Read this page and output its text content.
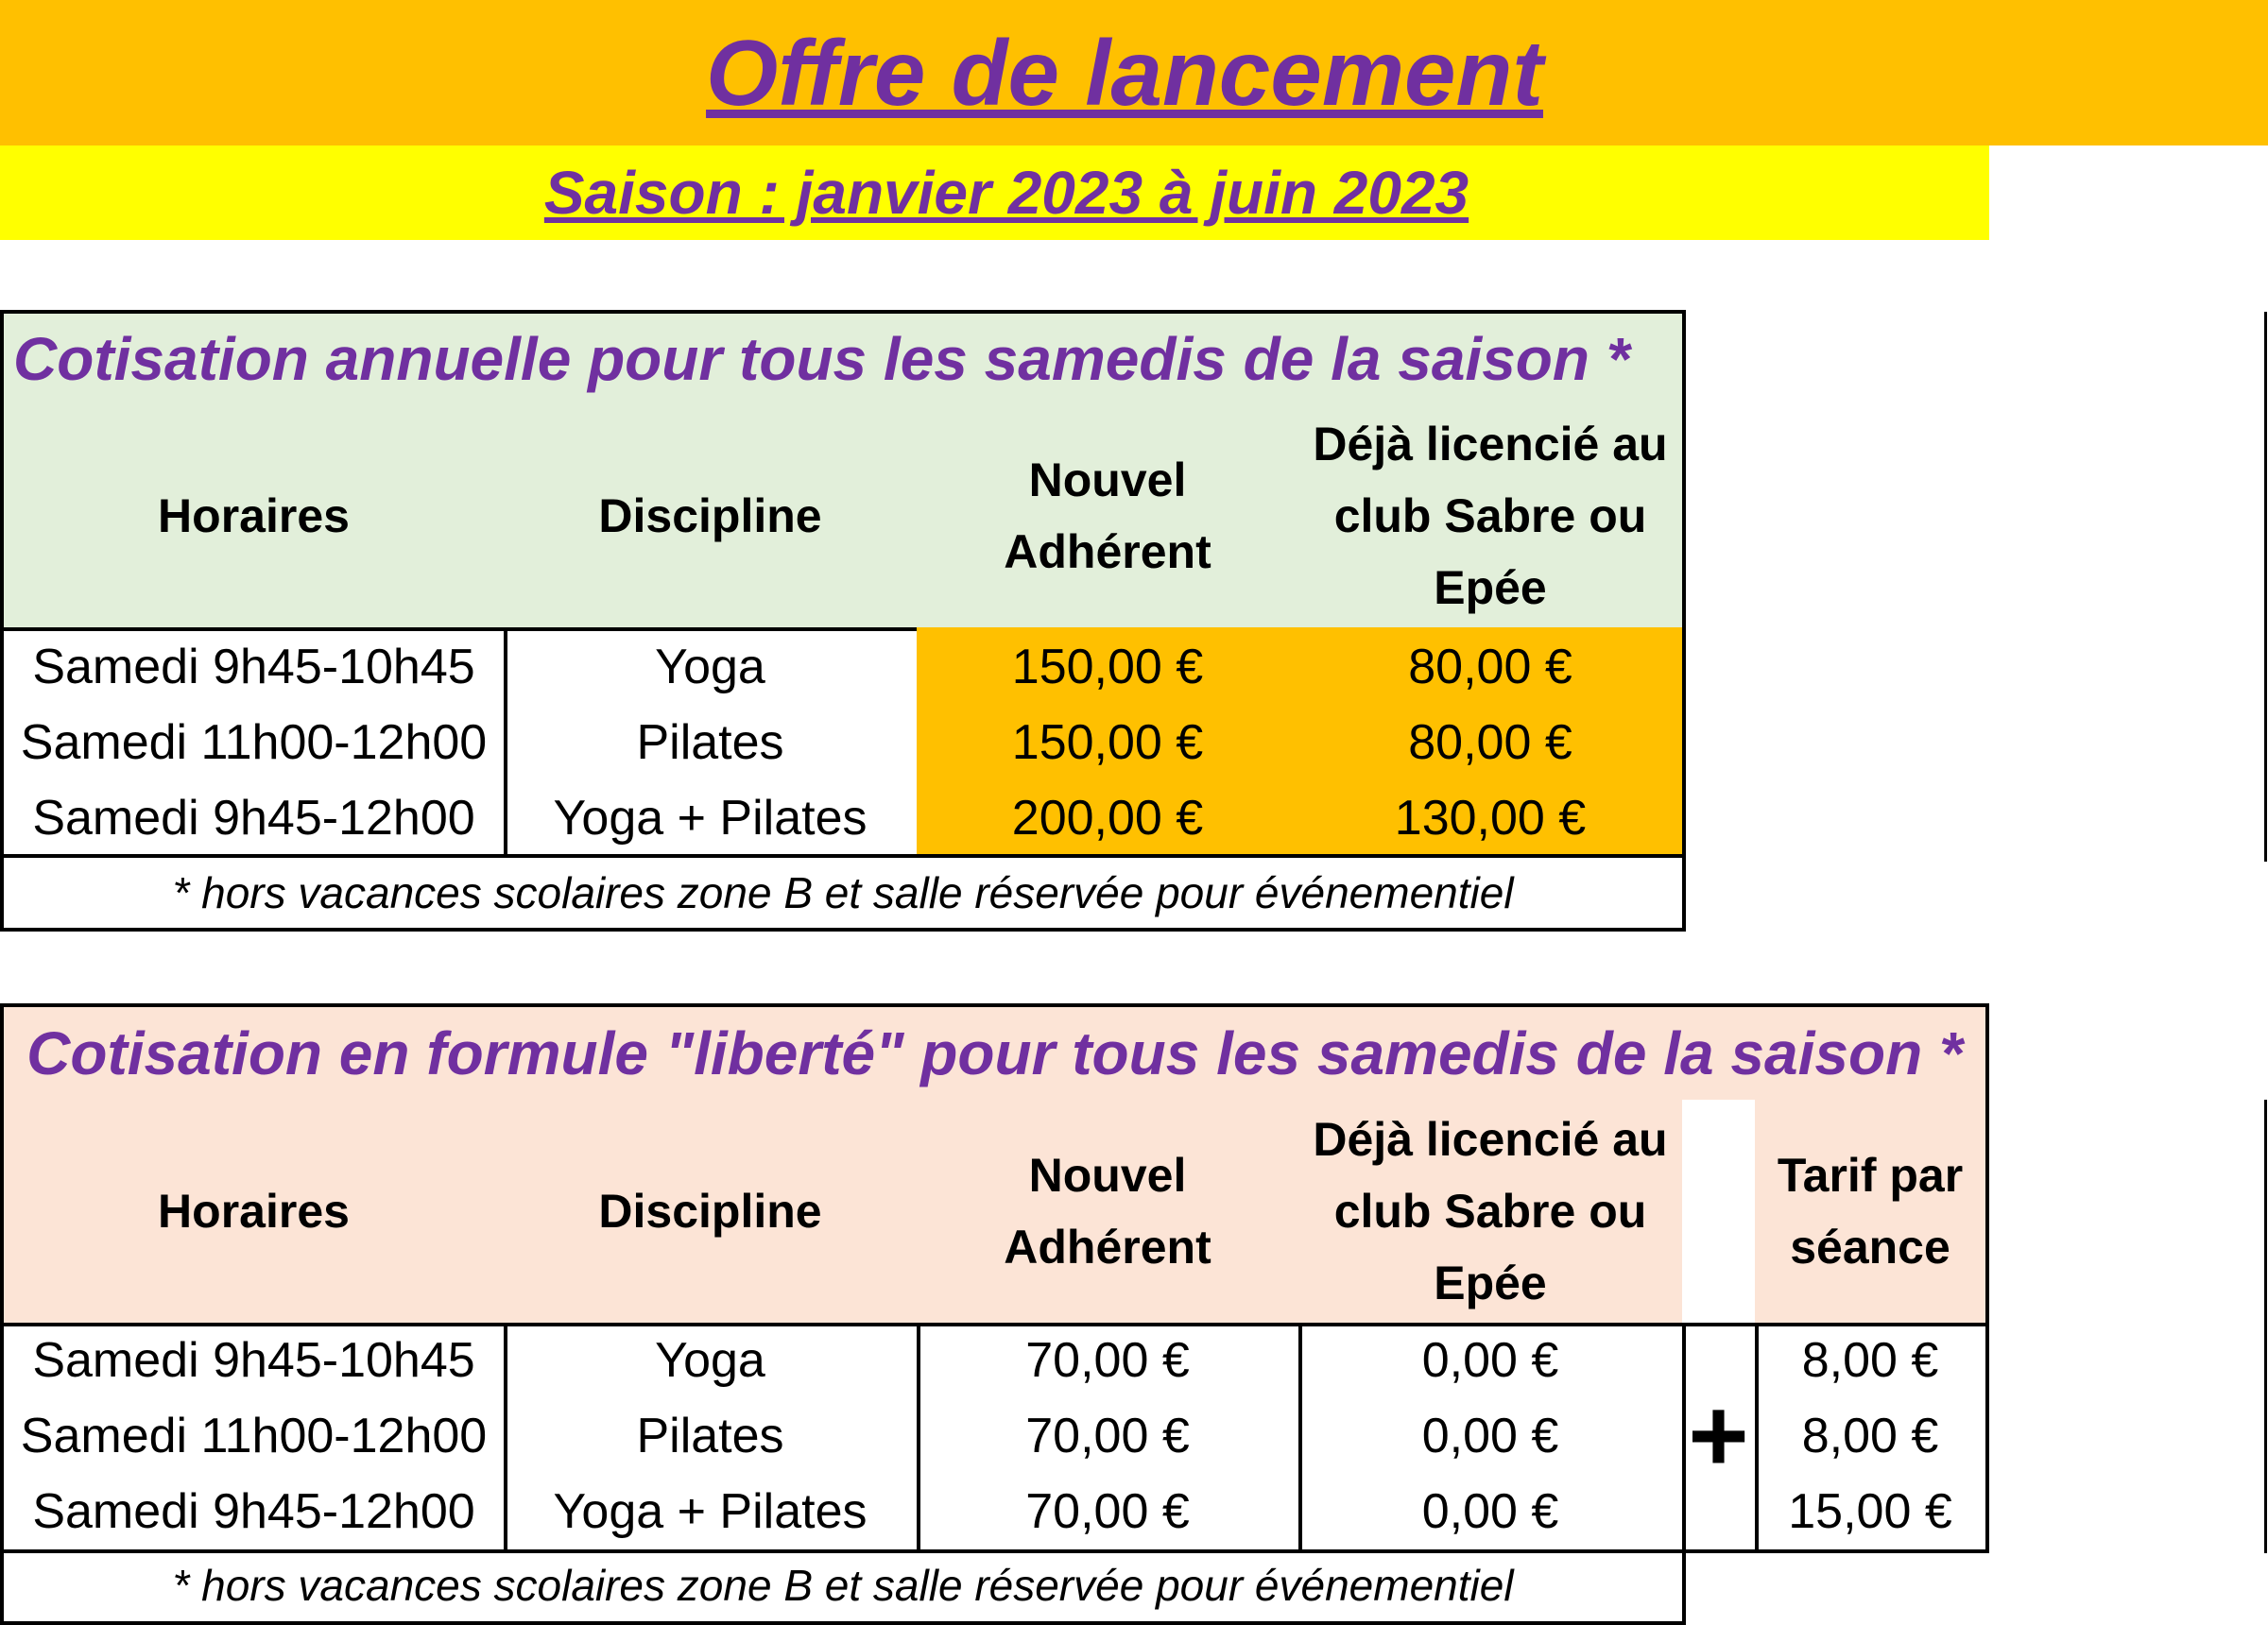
Offre de lancement
Saison : janvier 2023 à juin 2023
Cotisation annuelle pour tous les samedis de la saison *
Horaires	Discipline
Nouvel Adhérent
Déjà licencié au club Sabre ou Epée
Samedi 9h45-10h45
Samedi 11h00-12h00
Samedi 9h45-12h00
Yoga
Pilates
Yoga + Pilates
150,00 €
150,00 €
200,00 €
80,00 €
80,00 €
130,00 €
* hors vacances scolaires zone B et salle réservée pour événementiel
Cotisation en formule "liberté" pour tous les samedis de la saison *
Horaires	Discipline
Nouvel Adhérent
Déjà licencié au club Sabre ou Epée
Tarif par séance
Samedi 9h45-10h45
Samedi 11h00-12h00
Samedi 9h45-12h00
Yoga
Pilates
Yoga + Pilates
70,00 €
70,00 €
70,00 €
0,00 €
0,00 €
0,00 €
+
8,00 €
8,00 €
15,00 €
* hors vacances scolaires zone B et salle réservée pour événementiel
